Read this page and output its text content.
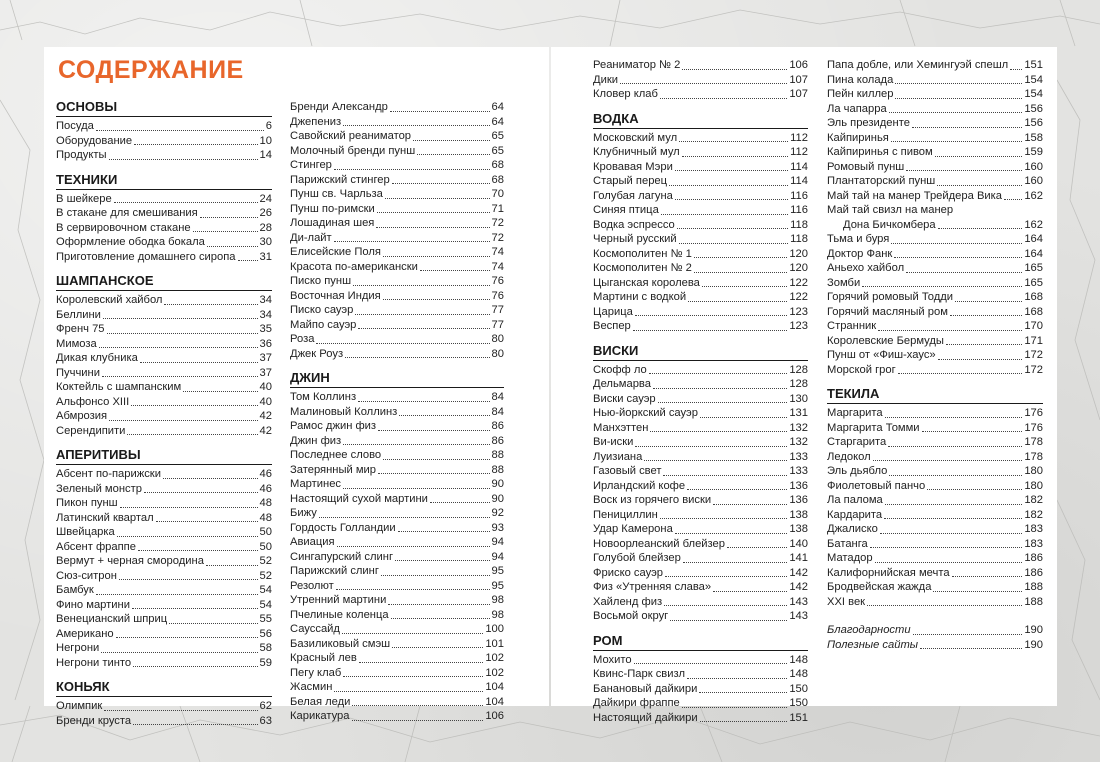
СОДЕРЖАНИЕ
ОСНОВЫ
Посуда	6
Оборудование	10
Продукты	14
ТЕХНИКИ
В шейкере	24
В стакане для смешивания	26
В сервировочном стакане	28
Оформление ободка бокала	30
Приготовление домашнего сиропа 31
ШАМПАНСКОЕ
Королевский хайбол	34
Беллини	34
Френч 75	35
Мимоза	36
Дикая клубника	37
Пуччини	37
Коктейль с шампанским	40
Альфонсо XIII	40
Абмрозия	42
Серендипити	42
АПЕРИТИВЫ
Абсент по-парижски	46
Зеленый монстр	46
Пикон пунш	48
Латинский квартал	48
Швейцарка	50
Абсент фраппе	50
Вермут + черная смородина	52
Сюз-ситрон	52
Бамбук	54
Фино мартини	54
Венецианский шприц	55
Американо	56
Негрони	58
Негрони тинто	59
КОНЬЯК
Олимпик	62
Бренди круста	63
Бренди Александр	64
Джепениз	64
Савойский реаниматор	65
Молочный бренди пунш	65
Стингер	68
Парижский стингер	68
Пунш св. Чарльза	70
Пунш по-римски	71
Лошадиная шея	72
Ди-лайт	72
Елисейские Поля	74
Красота по-американски	74
Писко пунш	76
Восточная Индия	76
Писко сауэр	77
Майпо сауэр	77
Роза	80
Джек Роуз	80
ДЖИН
Том Коллинз	84
Малиновый Коллинз	84
Рамос джин физ	86
Джин физ	86
Последнее слово	88
Затерянный мир	88
Мартинес	90
Настоящий сухой мартини	90
Бижу	92
Гордость Голландии	93
Авиация	94
Сингапурский слинг	94
Парижский слинг	95
Резолют	95
Утренний мартини	98
Пчелиные коленца	98
Сауссайд	100
Базиликовый смэш	101
Красный лев	102
Пегу клаб	102
Жасмин	104
Белая леди	104
Карикатура	106
Реаниматор № 2	106
Дики	107
Кловер клаб	107
ВОДКА
Московский мул	112
Клубничный мул	112
Кровавая Мэри	114
Старый перец	114
Голубая лагуна	116
Синяя птица	116
Водка эспрессо	118
Черный русский	118
Космополитен № 1	120
Космополитен № 2	120
Цыганская королева	122
Мартини с водкой	122
Царица	123
Веспер	123
ВИСКИ
Скофф ло	128
Дельмарва	128
Виски сауэр	130
Нью-йоркский сауэр	131
Манхэттен	132
Ви-иски	132
Луизиана	133
Газовый свет	133
Ирландский кофе	136
Воск из горячего виски	136
Пенициллин	138
Удар Камерона	138
Новоорлеанский блейзер	140
Голубой блейзер	141
Фриско сауэр	142
Физ «Утренняя слава»	142
Хайленд физ	143
Восьмой округ	143
РОМ
Мохито	148
Квинс-Парк свизл	148
Банановый дайкири	150
Дайкири фраппе	150
Настоящий дайкири	151
Папа добле, или Хемингуэй спешл 151
Пина колада	154
Пейн киллер	154
Ла чапарра	156
Эль президенте	156
Кайпиринья	158
Кайпиринья с пивом	159
Ромовый пунш	160
Плантаторский пунш	160
Май тай на манер Трейдера Вика 162
Май тай свизл на манер
Дона Бичкомбера	162
Тьма и буря	164
Доктор Фанк	164
Аньехо хайбол	165
Зомби	165
Горячий ромовый Тодди	168
Горячий масляный ром	168
Странник	170
Королевские Бермуды	171
Пунш от «Фиш-хаус»	172
Морской грог	172
ТЕКИЛА
Маргарита	176
Маргарита Томми	176
Старгарита	178
Ледокол	178
Эль дьябло	180
Фиолетовый панчо	180
Ла палома	182
Кардарита	182
Джалиско	183
Батанга	183
Матадор	186
Калифорнийская мечта	186
Бродвейская жажда	188
XXI век	188
Благодарности	190
Полезные сайты	190
